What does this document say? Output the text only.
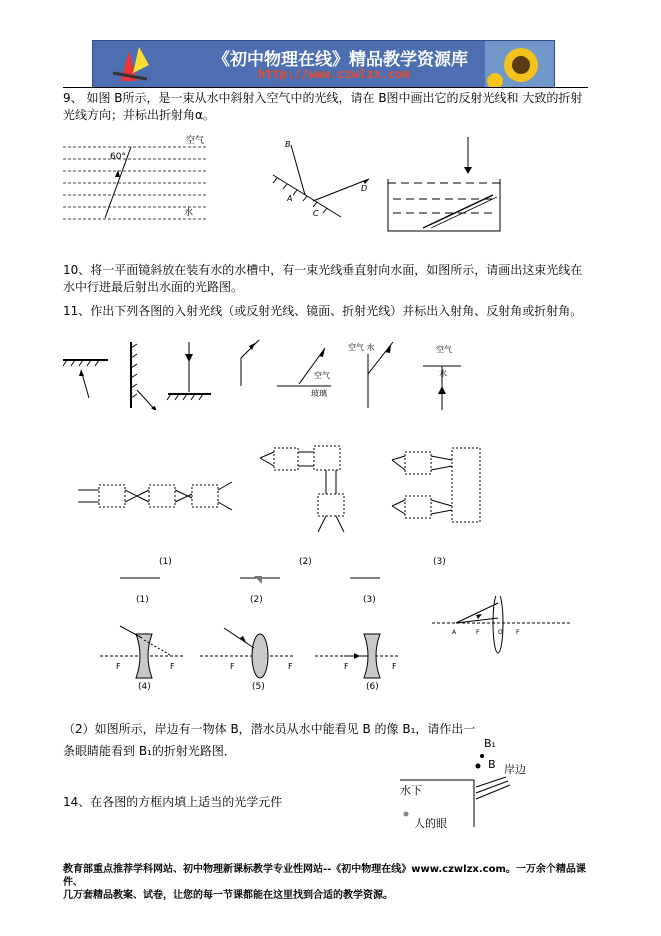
《初中物理在线》精品教学资源库
http://www.czwlzx.com
9、 如图 B所示，是一束从水中斜射入空气中的光线，请在 B图中画出它的反射光线和 大致的折射光线方向；并标出折射角α。
60°
空气
水
B
A
C
D
10、将一平面镜斜放在装有水的水槽中，有一束光线垂直射向水面，如图所示，请画出这束光线在水中行进最后射出水面的光路图。
11、作出下列各图的入射光线（或反射光线、镜面、折射光线）并标出入射角、反射角或折射角。
空气
玻璃
空气 水	空气
水
(1)	(2)	(3)
(1)	(2)	(3)
F	F
(4)
F	F
(5)
F	F
(6)
A	F	O F
（2）如图所示，岸边有一物体 B，潜水员从水中能看见 B 的像 B₁，请作出一条眼睛能看到 B₁的折射光路图．
B₁
B 岸边
水下
人的眼
14、在各图的方框内填上适当的光学元件
教育部重点推荐学科网站、初中物理新课标教学专业性网站--《初中物理在线》www.czwlzx.com。一万余个精品课件、
几万套精品教案、试卷，让您的每一节课都能在这里找到合适的教学资源。
